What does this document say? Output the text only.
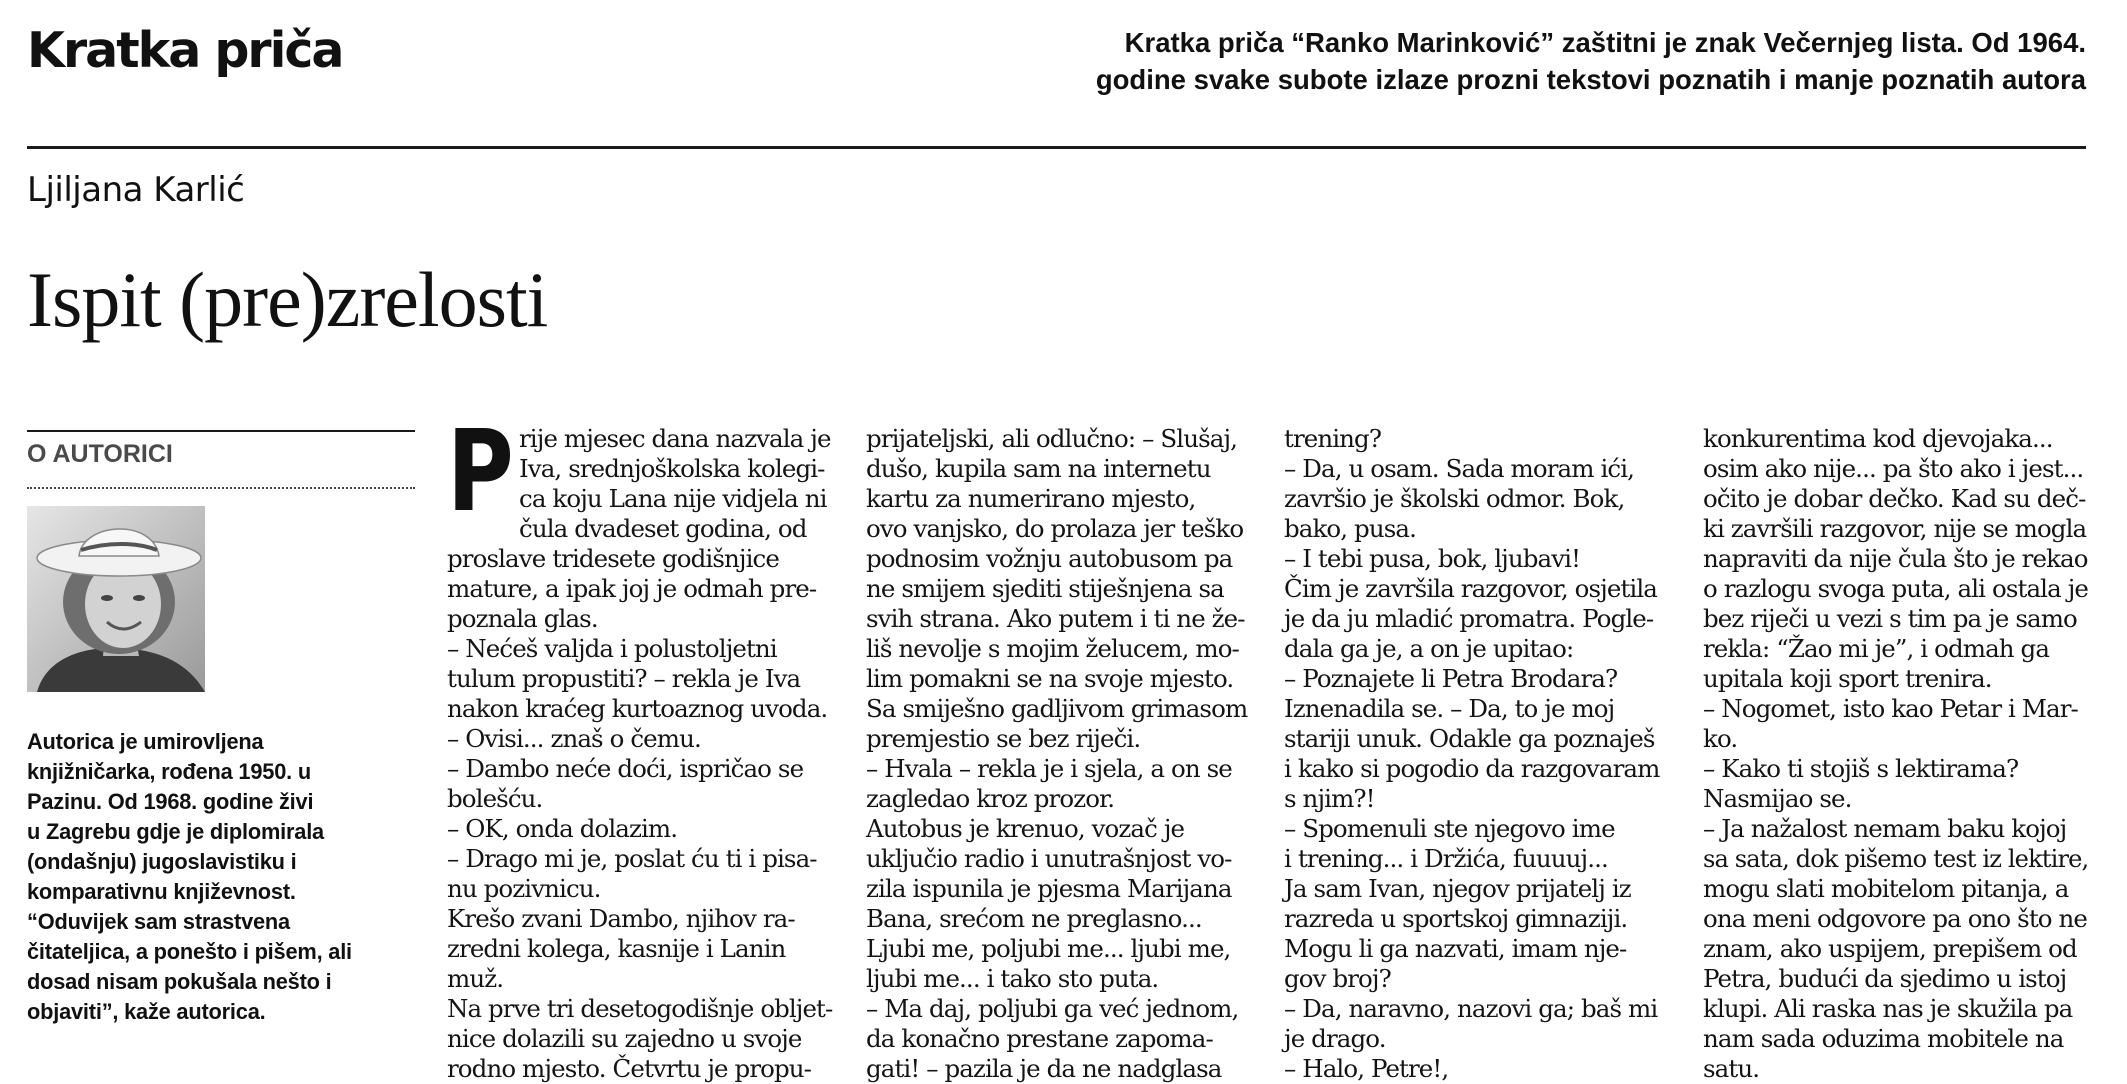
Kratka priča	Kratka priča “Ranko Marinković” zaštitni je znak Večernjeg lista. Od 1964.
godine svake subote izlaze prozni tekstovi poznatih i manje poznatih autora
Ljiljana Karlić
Ispit (pre)zrelosti
O AUTORICI
Autorica je umirovljena
knjižničarka, rođena 1950. u
Pazinu. Od 1968. godine živi
u Zagrebu gdje je diplomirala
(ondašnju) jugoslavistiku i
komparativnu književnost.
“Oduvijek sam strastvena
čitateljica, a ponešto i pišem, ali
dosad nisam pokušala nešto i
objaviti”, kaže autorica.
P rije mjesec dana nazvala je
Iva, srednjoškolska kolegi-
ca koju Lana nije vidjela ni
čula dvadeset godina, od
proslave tridesete godišnjice
mature, a ipak joj je odmah pre-
poznala glas.
– Nećeš valjda i polustoljetni
tulum propustiti? – rekla je Iva
nakon kraćeg kurtoaznog uvoda.
– Ovisi... znaš o čemu.
– Dambo neće doći, ispričao se
bolešću.
– OK, onda dolazim.
– Drago mi je, poslat ću ti i pisa-
nu pozivnicu.
Krešo zvani Dambo, njihov ra-
zredni kolega, kasnije i Lanin
muž.
Na prve tri desetogodišnje obljet-
nice dolazili su zajedno u svoje
rodno mjesto. Četvrtu je propu-
prijateljski, ali odlučno: – Slušaj,
dušo, kupila sam na internetu
kartu za numerirano mjesto,
ovo vanjsko, do prolaza jer teško
podnosim vožnju autobusom pa
ne smijem sjediti stiješnjena sa
svih strana. Ako putem i ti ne že-
liš nevolje s mojim želucem, mo-
lim pomakni se na svoje mjesto.
Sa smiješno gadljivom grimasom
premjestio se bez riječi.
– Hvala – rekla je i sjela, a on se
zagledao kroz prozor.
Autobus je krenuo, vozač je
uključio radio i unutrašnjost vo-
zila ispunila je pjesma Marijana
Bana, srećom ne preglasno...
Ljubi me, poljubi me... ljubi me,
ljubi me... i tako sto puta.
– Ma daj, poljubi ga već jednom,
da konačno prestane zapoma-
gati! – pazila je da ne nadglasa
trening?
– Da, u osam. Sada moram ići,
završio je školski odmor. Bok,
bako, pusa.
– I tebi pusa, bok, ljubavi!
Čim je završila razgovor, osjetila
je da ju mladić promatra. Pogle-
dala ga je, a on je upitao:
– Poznajete li Petra Brodara?
Iznenadila se. – Da, to je moj
stariji unuk. Odakle ga poznaješ
i kako si pogodio da razgovaram
s njim?!
– Spomenuli ste njegovo ime
i trening... i Držića, fuuuuj...
Ja sam Ivan, njegov prijatelj iz
razreda u sportskoj gimnaziji.
Mogu li ga nazvati, imam nje-
gov broj?
– Da, naravno, nazovi ga; baš mi
je drago.
– Halo, Petre!,
konkurentima kod djevojaka...
osim ako nije... pa što ako i jest...
očito je dobar dečko. Kad su deč-
ki završili razgovor, nije se mogla
napraviti da nije čula što je rekao
o razlogu svoga puta, ali ostala je
bez riječi u vezi s tim pa je samo
rekla: “Žao mi je”, i odmah ga
upitala koji sport trenira.
– Nogomet, isto kao Petar i Mar-
ko.
– Kako ti stojiš s lektirama?
Nasmijao se.
– Ja nažalost nemam baku kojoj
sa sata, dok pišemo test iz lektire,
mogu slati mobitelom pitanja, a
ona meni odgovore pa ono što ne
znam, ako uspijem, prepišem od
Petra, budući da sjedimo u istoj
klupi. Ali raska nas je skužila pa
nam sada oduzima mobitele na
satu.
